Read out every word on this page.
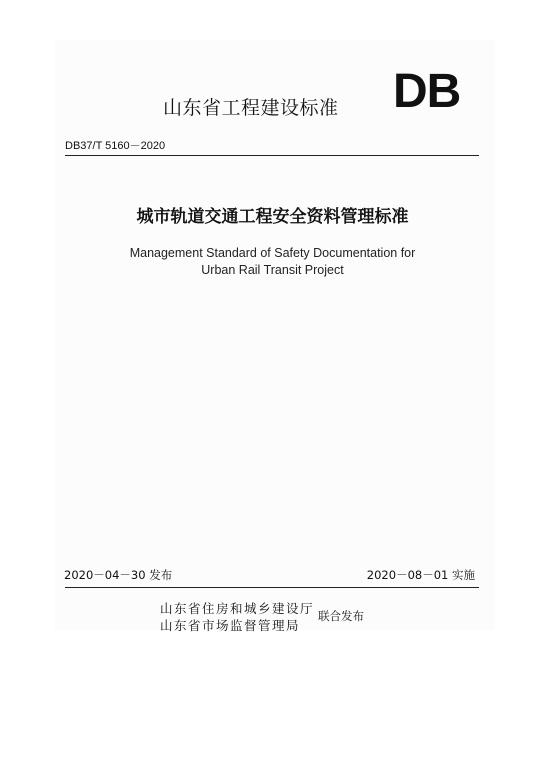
山东省工程建设标准 DB
DB37/T 5160－2020
城市轨道交通工程安全资料管理标准
Management Standard of Safety Documentation for
Urban Rail Transit Project
2020－04－30 发布	2020－08－01 实施
山东省住房和城乡建设厅
山东省市场监督管理局
联合发布
